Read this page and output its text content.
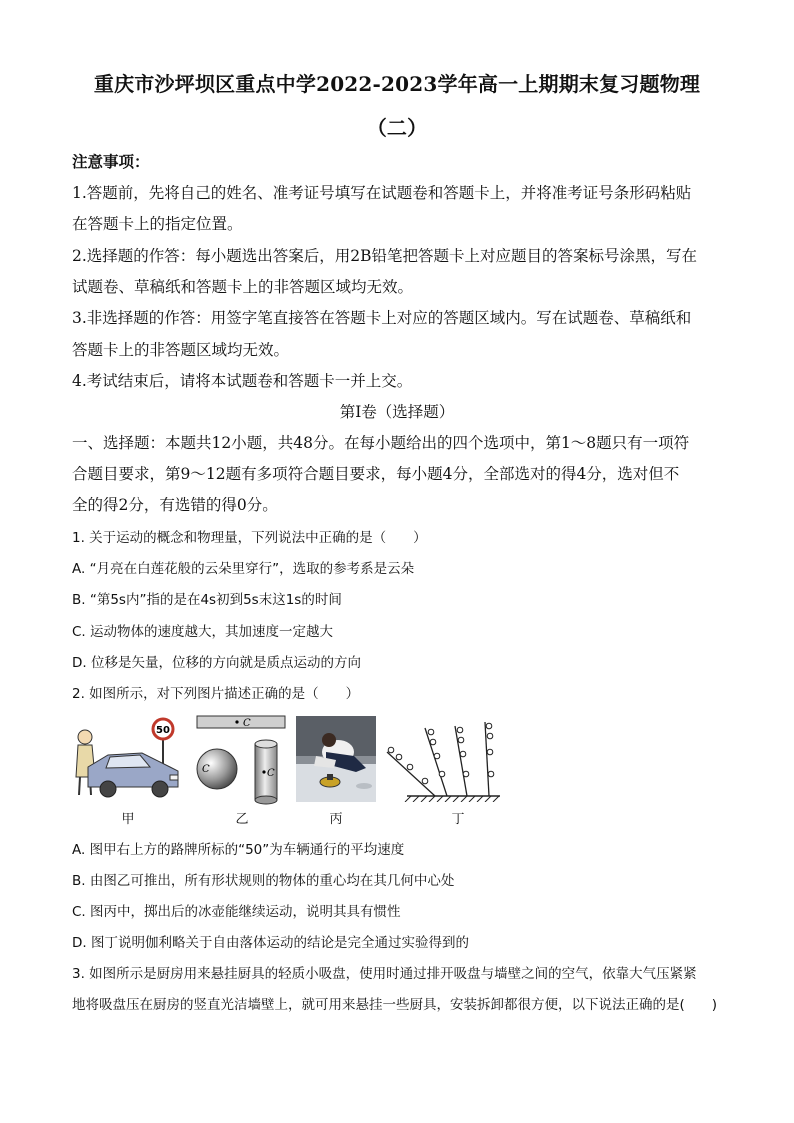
重庆市沙坪坝区重点中学2022-2023学年高一上期期末复习题物理
（二）
注意事项：
1.答题前，先将自己的姓名、准考证号填写在试题卷和答题卡上，并将准考证号条形码粘贴
在答题卡上的指定位置。
2.选择题的作答：每小题选出答案后，用2B铅笔把答题卡上对应题目的答案标号涂黑，写在
试题卷、草稿纸和答题卡上的非答题区域均无效。
3.非选择题的作答：用签字笔直接答在答题卡上对应的答题区域内。写在试题卷、草稿纸和
答题卡上的非答题区域均无效。
4.考试结束后，请将本试题卷和答题卡一并上交。
第Ⅰ卷（选择题）
一、选择题：本题共12小题，共48分。在每小题给出的四个选项中，第1～8题只有一项符
合题目要求，第9～12题有多项符合题目要求，每小题4分，全部选对的得4分，选对但不
全的得2分，有选错的得0分。
1. 关于运动的概念和物理量，下列说法中正确的是（　　）
A. “月亮在白莲花般的云朵里穿行”，选取的参考系是云朵
B. “第5s内”指的是在4s初到5s末这1s的时间
C. 运动物体的速度越大，其加速度一定越大
D. 位移是矢量，位移的方向就是质点运动的方向
2. 如图所示，对下列图片描述正确的是（　　）
50
甲
C
C	C
乙	丙	丁
A. 图甲右上方的路牌所标的“50”为车辆通行的平均速度
B. 由图乙可推出，所有形状规则的物体的重心均在其几何中心处
C. 图丙中，掷出后的冰壶能继续运动，说明其具有惯性
D. 图丁说明伽利略关于自由落体运动的结论是完全通过实验得到的
3. 如图所示是厨房用来悬挂厨具的轻质小吸盘，使用时通过排开吸盘与墙壁之间的空气，依靠大气压紧紧
地将吸盘压在厨房的竖直光洁墙壁上，就可用来悬挂一些厨具，安装拆卸都很方便，以下说法正确的是(　　)
